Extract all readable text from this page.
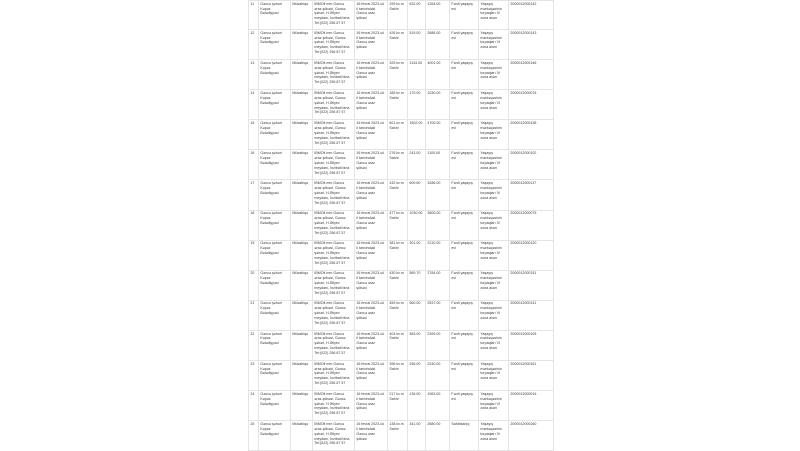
11	Gəncə şəhəri Kəpəz Bələdiyyəsi	Müsabiqə	İBMOlt mm Gəncə əraz-şöbəsi, Gəncə şəhəri, H.Əliyev meydanı, İnzibati bina Tel:(022) 256 87 57	16 fevral 2023-cü il tarixindəki Gəncə əraz şöbəsi	299 kv.m Satılır	632.00	1264.00	Fərdi yaşayış evi	Yaşayış məntəqəsinin torpaqları IV zona aləm	2000012000142
12	Gəncə şəhəri Kəpəz Bələdiyyəsi	Müsabiqə	İBMOlt mm Gəncə əraz-şöbəsi, Gəncə şəhəri, H.Əliyev meydanı, İnzibati bina Tel:(022) 256 87 57	16 fevral 2023-cü il tarixindəki Gəncə əraz şöbəsi	426 kv.m Satılır	519.00	2686.00	Fərdi yaşayış evi	Yaşayış məntəqəsinin torpaqları VI zona aləm	2000012000143
13	Gəncə şəhəri Kəpəz Bələdiyyəsi	Müsabiqə	İBMOlt mm Gəncə əraz-şöbəsi, Gəncə şəhəri, H.Əliyev meydanı, İnzibati bina Tel:(022) 256 87 57	16 fevral 2023-cü il tarixindəki Gəncə əraz şöbəsi	325 kv.m Satılır	1134.00	4001.00	Fərdi yaşayış evi	Yaşayış məntəqəsinin torpaqları IV zona aləm	2000012000146
14	Gəncə şəhəri Kəpəz Bələdiyyəsi	Müsabiqə	İBMOlt mm Gəncə əraz-şöbəsi, Gəncə şəhəri, H.Əliyev meydanı, İnzibati bina Tel:(022) 256 87 57	16 fevral 2023-cü il tarixindəki Gəncə əraz şöbəsi	185 kv.m Satılır	170.00	1030.00	Fərdi yaşayış evi	Yaşayış məntəqəsinin torpaqları VI zona aləm	2000012000076
15	Gəncə şəhəri Kəpəz Bələdiyyəsi	Müsabiqə	İBMOlt mm Gəncə əraz-şöbəsi, Gəncə şəhəri, H.Əliyev meydanı, İnzibati bina Tel:(022) 256 87 57	16 fevral 2023-cü il tarixindəki Gəncə əraz şöbəsi	601 kv.m Satılır	1502.00	4700.00	Fərdi yaşayış evi	Yaşayış məntəqəsinin torpaqları VI zona aləm	2000012000138
16	Gəncə şəhəri Kəpəz Bələdiyyəsi	Müsabiqə	İBMOlt mm Gəncə əraz-şöbəsi, Gəncə şəhəri, H.Əliyev meydanı, İnzibati bina Tel:(022) 256 87 57	16 fevral 2023-cü il tarixindəki Gəncə əraz şöbəsi	276 kv.m Satılır	243.00	1100.00	Fərdi yaşayış evi	Yaşayış məntəqəsinin torpaqları VI zona aləm	2000012000102
17	Gəncə şəhəri Kəpəz Bələdiyyəsi	Müsabiqə	İBMOlt mm Gəncə əraz-şöbəsi, Gəncə şəhəri, H.Əliyev meydanı, İnzibati bina Tel:(022) 256 87 57	16 fevral 2023-cü il tarixindəki Gəncə əraz şöbəsi	432 kv.m Satılır	609.60	3286.00	Fərdi yaşayış evi	Yaşayış məntəqəsinin torpaqları IV zona aləm	2000012000117
18	Gəncə şəhəri Kəpəz Bələdiyyəsi	Müsabiqə	İBMOlt mm Gəncə əraz-şöbəsi, Gəncə şəhəri, H.Əliyev meydanı, İnzibati bina Tel:(022) 256 87 57	16 fevral 2023-cü il tarixindəki Gəncə əraz şöbəsi	477 kv.m Satılır	1030.00	3600.00	Fərdi yaşayış evi	Yaşayış məntəqəsinin torpaqları IV zona aləm	2000012000075
19	Gəncə şəhəri Kəpəz Bələdiyyəsi	Müsabiqə	İBMOlt mm Gəncə əraz-şöbəsi, Gəncə şəhəri, H.Əliyev meydanı, İnzibati bina Tel:(022) 256 87 57	16 fevral 2023-cü il tarixindəki Gəncə əraz şöbəsi	381 kv.m Satılır	301.00	2210.00	Fərdi yaşayış evi	Yaşayış məntəqəsinin torpaqları IV zona aləm	2000012000120
20	Gəncə şəhəri Kəpəz Bələdiyyəsi	Müsabiqə	İBMOlt mm Gəncə əraz-şöbəsi, Gəncə şəhəri, H.Əliyev meydanı, İnzibati bina Tel:(022) 256 87 57	16 fevral 2023-cü il tarixindəki Gəncə əraz şöbəsi	430 kv.m Satılır	589.70	2784.00	Fərdi yaşayış evi	Yaşayış məntəqəsinin torpaqları VI zona aləm	2000012000151
21	Gəncə şəhəri Kəpəz Bələdiyyəsi	Müsabiqə	İBMOlt mm Gəncə əraz-şöbəsi, Gəncə şəhəri, H.Əliyev meydanı, İnzibati bina Tel:(022) 256 87 57	16 fevral 2023-cü il tarixindəki Gəncə əraz şöbəsi	459 kv.m Satılır	560.00	2537.00	Fərdi yaşayış evi	Yaşayış məntəqəsinin torpaqları VI zona aləm	2000012000141
22	Gəncə şəhəri Kəpəz Bələdiyyəsi	Müsabiqə	İBMOlt mm Gəncə əraz-şöbəsi, Gəncə şəhəri, H.Əliyev meydanı, İnzibati bina Tel:(022) 256 87 57	16 fevral 2023-cü il tarixindəki Gəncə əraz şöbəsi	404 kv.m Satılır	363.00	2399.00	Fərdi yaşayış evi	Yaşayış məntəqəsinin torpaqları VI zona aləm	2000012000105
23	Gəncə şəhəri Kəpəz Bələdiyyəsi	Müsabiqə	İBMOlt mm Gəncə əraz-şöbəsi, Gəncə şəhəri, H.Əliyev meydanı, İnzibati bina Tel:(022) 256 87 57	16 fevral 2023-cü il tarixindəki Gəncə əraz şöbəsi	396 kv.m Satılır	256.00	2240.00	Fərdi yaşayış evi	Yaşayış məntəqəsinin torpaqları VI zona aləm	2000012000161
24	Gəncə şəhəri Kəpəz Bələdiyyəsi	Müsabiqə	İBMOlt mm Gəncə əraz-şöbəsi, Gəncə şəhəri, H.Əliyev meydanı, İnzibati bina Tel:(022) 256 87 57	16 fevral 2023-cü il tarixindəki Gəncə əraz şöbəsi	217 kv.m Satılır	136.00	1063.00	Fərdi yaşayış evi	Yaşayış məntəqəsinin torpaqları VI zona aləm	2000012000016
25	Gəncə şəhəri Kəpəz Bələdiyyəsi	Müsabiqə	İBMOlt mm Gəncə əraz-şöbəsi, Gəncə şəhəri, H.Əliyev meydanı, İnzibati bina Tel:(022) 256 87 57	16 fevral 2023-cü il tarixindəki Gəncə əraz şöbəsi	138 kv.m Satılır	341.00	2680.00	Sahibkarlıq	Yaşayış məntəqəsinin torpaqları IV zona aləm	2000012000160
